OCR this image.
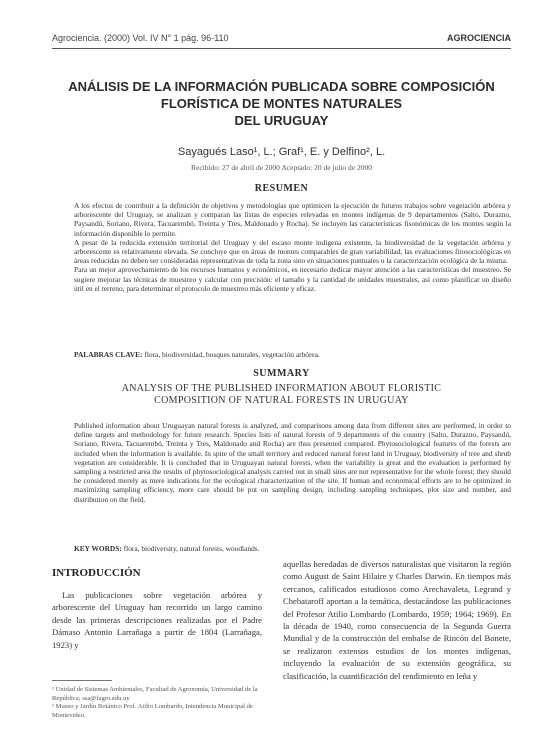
Agrociencia. (2000) Vol. IV N° 1 pág. 96-110	AGROCIENCIA
ANÁLISIS DE LA INFORMACIÓN PUBLICADA SOBRE COMPOSICIÓN
FLORÍSTICA DE MONTES NATURALES
DEL URUGUAY
Sayagués Laso¹, L.; Graf¹, E. y Delfino², L.
Recibido: 27 de abril de 2000 Aceptado: 20 de julio de 2000
RESUMEN

A los efectos de contribuir a la definición de objetivos y metodologías que optimicen la ejecución de futuros trabajos sobre vegetación arbórea y arborescente del Uruguay, se analizan y comparan las listas de especies relevadas en montes indígenas de 9 departamentos (Salto, Durazno, Paysandú, Soriano, Rivera, Tacuarembó, Treinta y Tres, Maldonado y Rocha). Se incluyen las características fisonómicas de los montes según la información disponible lo permite.

A pesar de la reducida extensión territorial del Uruguay y del escaso monte indígena existente, la biodiversidad de la vegetación arbórea y arborescente es relativamente elevada. Se concluye que en áreas de montes comparables de gran variabilidad, las evaluaciones fitosociológicas en áreas reducidas no deben ser consideradas representativas de toda la zona sino en situaciones puntuales o la caracterización ecológica de la misma.

Para un mejor aprovechamiento de los recursos humanos y económicos, es necesario dedicar mayor atención a las características del muestreo. Se sugiere mejorar las técnicas de muestreo y calcular con precisión: el tamaño y la cantidad de unidades muestrales, así como planificar un diseño útil en el terreno, para determinar el protocolo de muestreo más eficiente y eficaz.

PALABRAS CLAVE: flora, biodiversidad, bosques naturales, vegetación arbórea.
SUMMARY
ANALYSIS OF THE PUBLISHED INFORMATION ABOUT FLORISTIC
COMPOSITION OF NATURAL FORESTS IN URUGUAY

Published information about Uruguayan natural forests is analyzed, and comparisons among data from different sites are performed, in order to define targets and methodology for future research. Species lists of natural forests of 9 departments of the country (Salto, Durazno, Paysandú, Soriano, Rivera, Tacuarembó, Treinta y Tres, Maldonado and Rocha) are thus presented compared. Phytosociological features of the forests are included when the information is available. In spite of the small territory and reduced natural forest land in Uruguay, biodiversity of tree and shrub vegetation are considerable. It is concluded that in Uruguayan natural forests, when the variability is great and the evaluation is performed by sampling a restricted area the results of phytosociological analysis carried out in small sites are not representative for the whole forest; they should be considered merely as mere indications for the ecological characterization of the site. If human and economical efforts are to be optimized in maximizing sampling efficiency, more care should be put on sampling design, including sampling techniques, plot size and number, and distribution on the field.

KEY WORDS: flora, biodiversity, natural forests, woodlands.

INTRODUCCIÓN

Las publicaciones sobre vegetación arbórea y arborescente del Uruguay han recorrido un largo camino desde las primeras descripciones realizadas por el Padre Dámaso Antonio Larrañaga a partir de 1804 (Larrañaga, 1923) y

¹ Unidad de Sistemas Ambientales, Facultad de Agronomía, Universidad de la República; ssa@fagro.edu.uy

² Museo y Jardín Botánico Prof. Atilio Lombardo, Intendencia Municipal de Montevideo.

aquellas heredadas de diversos naturalistas que visitaron la región como August de Saint Hilaire y Charles Darwin. En tiempos más cercanos, calificados estudiosos como Arechavaleta, Legrand y Chebataroff aportan a la temática, destacándose las publicaciones del Profesor Atilio Lombardo (Lombardo, 1959; 1964; 1969). En la década de 1940, como consecuencia de la Segunda Guerra Mundial y de la construcción del embalse de Rincón del Bonete, se realizaron extensos estudios de los montes indígenas, incluyendo la evaluación de su extensión geográfica, su clasificación, la cuantificación del rendimiento en leña y
